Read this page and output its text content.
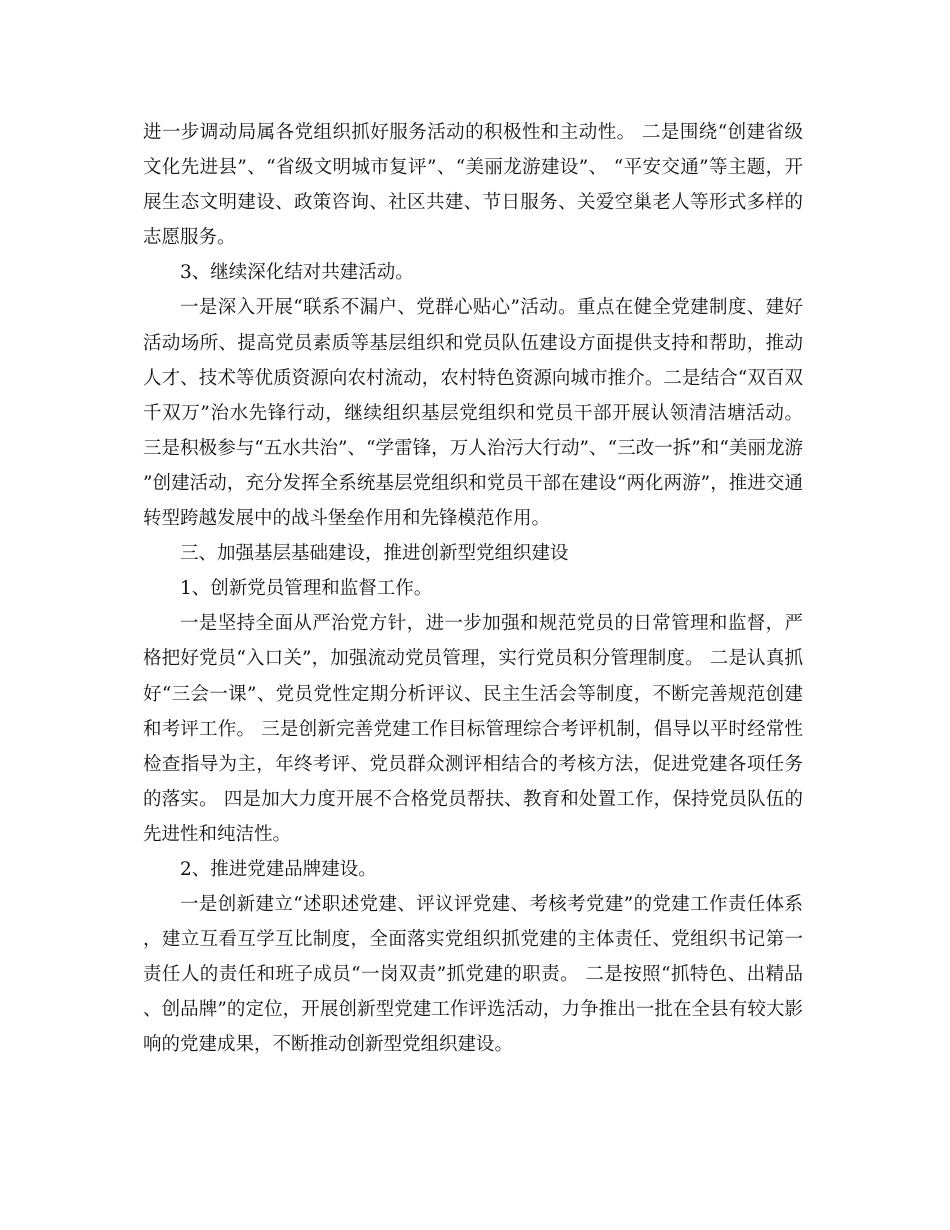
进一步调动局属各党组织抓好服务活动的积极性和主动性。 二是围绕“创建省级文化先进县”、“省级文明城市复评”、“美丽龙游建设”、 “平安交通”等主题，开展生态文明建设、政策咨询、社区共建、节日服务、关爱空巢老人等形式多样的志愿服务。

3、继续深化结对共建活动。

一是深入开展“联系不漏户、党群心贴心”活动。重点在健全党建制度、建好活动场所、提高党员素质等基层组织和党员队伍建设方面提供支持和帮助，推动人才、技术等优质资源向农村流动，农村特色资源向城市推介。二是结合“双百双千双万”治水先锋行动，继续组织基层党组织和党员干部开展认领清洁塘活动。 三是积极参与“五水共治”、“学雷锋，万人治污大行动”、“三改一拆”和“美丽龙游”创建活动，充分发挥全系统基层党组织和党员干部在建设“两化两游”，推进交通转型跨越发展中的战斗堡垒作用和先锋模范作用。

三、加强基层基础建设，推进创新型党组织建设

1、创新党员管理和监督工作。

一是坚持全面从严治党方针，进一步加强和规范党员的日常管理和监督，严格把好党员“入口关”，加强流动党员管理，实行党员积分管理制度。 二是认真抓好“三会一课”、党员党性定期分析评议、民主生活会等制度，不断完善规范创建和考评工作。 三是创新完善党建工作目标管理综合考评机制，倡导以平时经常性检查指导为主，年终考评、党员群众测评相结合的考核方法，促进党建各项任务的落实。 四是加大力度开展不合格党员帮扶、教育和处置工作，保持党员队伍的先进性和纯洁性。

2、推进党建品牌建设。

一是创新建立“述职述党建、评议评党建、考核考党建”的党建工作责任体系，建立互看互学互比制度，全面落实党组织抓党建的主体责任、党组织书记第一责任人的责任和班子成员“一岗双责”抓党建的职责。 二是按照“抓特色、出精品、创品牌”的定位，开展创新型党建工作评选活动，力争推出一批在全县有较大影响的党建成果，不断推动创新型党组织建设。
